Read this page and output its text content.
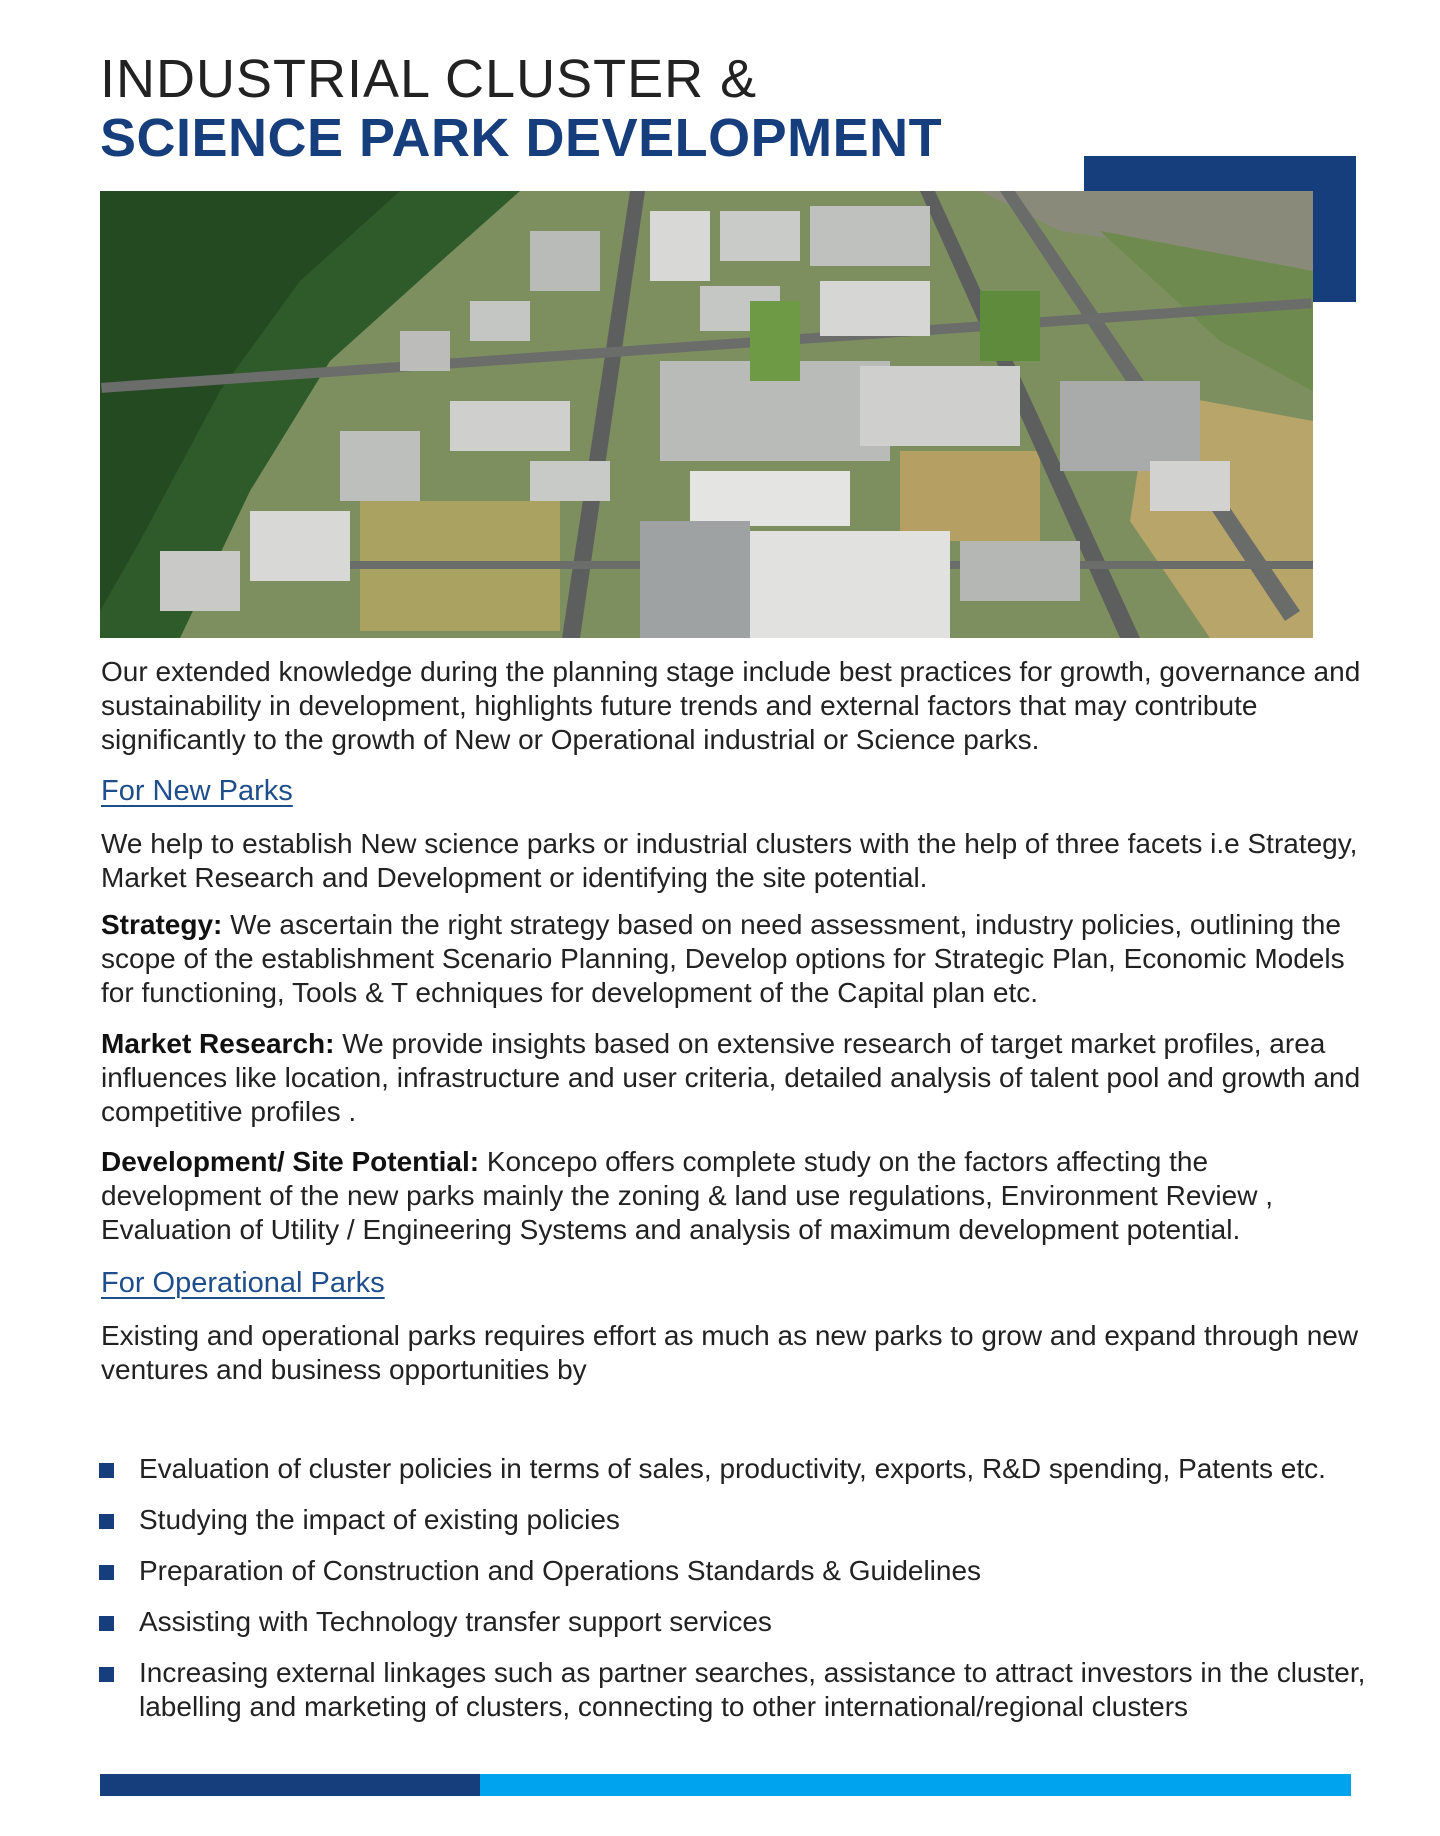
INDUSTRIAL CLUSTER &
SCIENCE PARK DEVELOPMENT

Our extended knowledge during the planning stage include best practices for growth, governance and sustainability in development, highlights future trends and external factors that may contribute significantly to the growth of New or Operational industrial or Science parks.

For New Parks

We help to establish New science parks or industrial clusters with the help of three facets i.e Strategy, Market Research and Development or identifying the site potential.

Strategy: We ascertain the right strategy based on need assessment, industry policies, outlining the scope of the establishment Scenario Planning, Develop options for Strategic Plan, Economic Models for functioning, Tools & T echniques for development of the Capital plan etc.

Market Research: We provide insights based on extensive research of target market profiles, area influences like location, infrastructure and user criteria, detailed analysis of talent pool and growth and competitive profiles .

Development/ Site Potential: Koncepo offers complete study on the factors affecting the development of the new parks mainly the zoning & land use regulations, Environment Review , Evaluation of Utility / Engineering Systems and analysis of maximum development potential.

For Operational Parks

Existing and operational parks requires effort as much as new parks to grow and expand through new ventures and business opportunities by

Evaluation of cluster policies in terms of sales, productivity, exports, R&D spending, Patents etc.
Studying the impact of existing policies
Preparation of Construction and Operations Standards & Guidelines
Assisting with Technology transfer support services
Increasing external linkages such as partner searches, assistance to attract investors in the cluster, labelling and marketing of clusters, connecting to other international/regional clusters
